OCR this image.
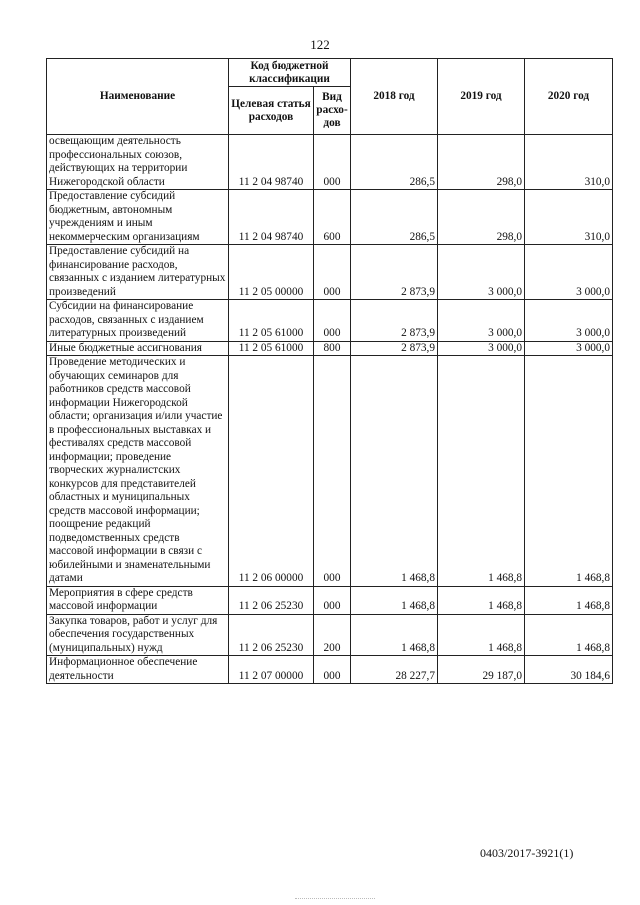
122
Наименование	Код бюджетной классификации		2018 год	2019 год	2020 год
	Целевая статья расходов	Вид расхо-дов			
освещающим деятельность профессиональных союзов, действующих на территории Нижегородской области	11 2 04 98740	000	286,5	298,0	310,0
Предоставление субсидий бюджетным, автономным учреждениям и иным некоммерческим организациям	11 2 04 98740	600	286,5	298,0	310,0
Предоставление субсидий на финансирование расходов, связанных с изданием литературных произведений	11 2 05 00000	000	2 873,9	3 000,0	3 000,0
Субсидии на финансирование расходов, связанных с изданием литературных произведений	11 2 05 61000	000	2 873,9	3 000,0	3 000,0
Иные бюджетные ассигнования	11 2 05 61000	800	2 873,9	3 000,0	3 000,0
Проведение методических и обучающих семинаров для работников средств массовой информации Нижегородской области; организация и/или участие в профессиональных выставках и фестивалях средств массовой информации; проведение творческих журналистских конкурсов для представителей областных и муниципальных средств массовой информации; поощрение редакций подведомственных средств массовой информации в связи с юбилейными и знаменательными датами	11 2 06 00000	000	1 468,8	1 468,8	1 468,8
Мероприятия в сфере средств массовой информации	11 2 06 25230	000	1 468,8	1 468,8	1 468,8
Закупка товаров, работ и услуг для обеспечения государственных (муниципальных) нужд	11 2 06 25230	200	1 468,8	1 468,8	1 468,8
Информационное обеспечение деятельности	11 2 07 00000	000	28 227,7	29 187,0	30 184,6
0403/2017-3921(1)
